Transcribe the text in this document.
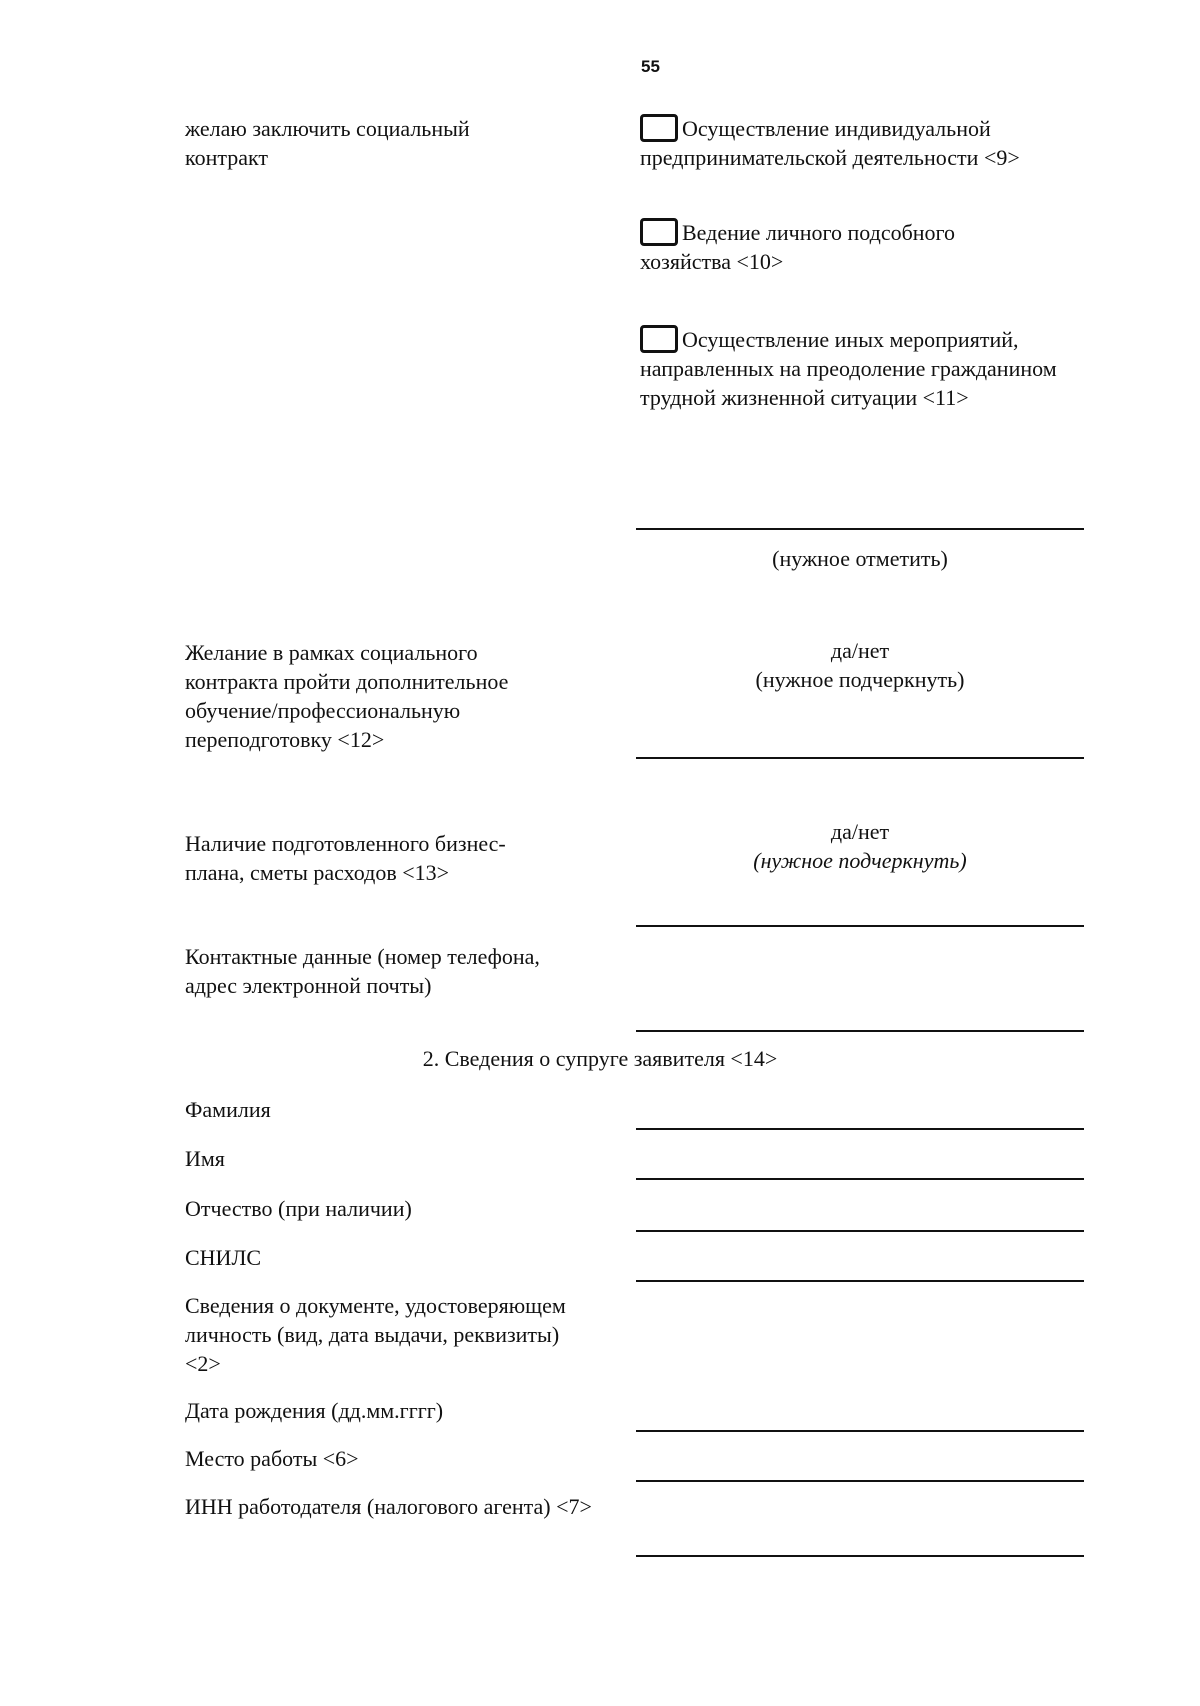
55
желаю заключить социальный контракт
Осуществление индивидуальной предпринимательской деятельности <9>
Ведение личного подсобного хозяйства <10>
Осуществление иных мероприятий, направленных на преодоление гражданином трудной жизненной ситуации <11>
(нужное отметить)
Желание в рамках социального контракта пройти дополнительное обучение/профессиональную переподготовку <12>
да/нет
(нужное подчеркнуть)
Наличие подготовленного бизнес-плана, сметы расходов <13>
да/нет
(нужное подчеркнуть)
Контактные данные (номер телефона, адрес электронной почты)
2. Сведения о супруге заявителя <14>
Фамилия
Имя
Отчество (при наличии)
СНИЛС
Сведения о документе, удостоверяющем личность (вид, дата выдачи, реквизиты) <2>
Дата рождения (дд.мм.гггг)
Место работы <6>
ИНН работодателя (налогового агента) <7>
